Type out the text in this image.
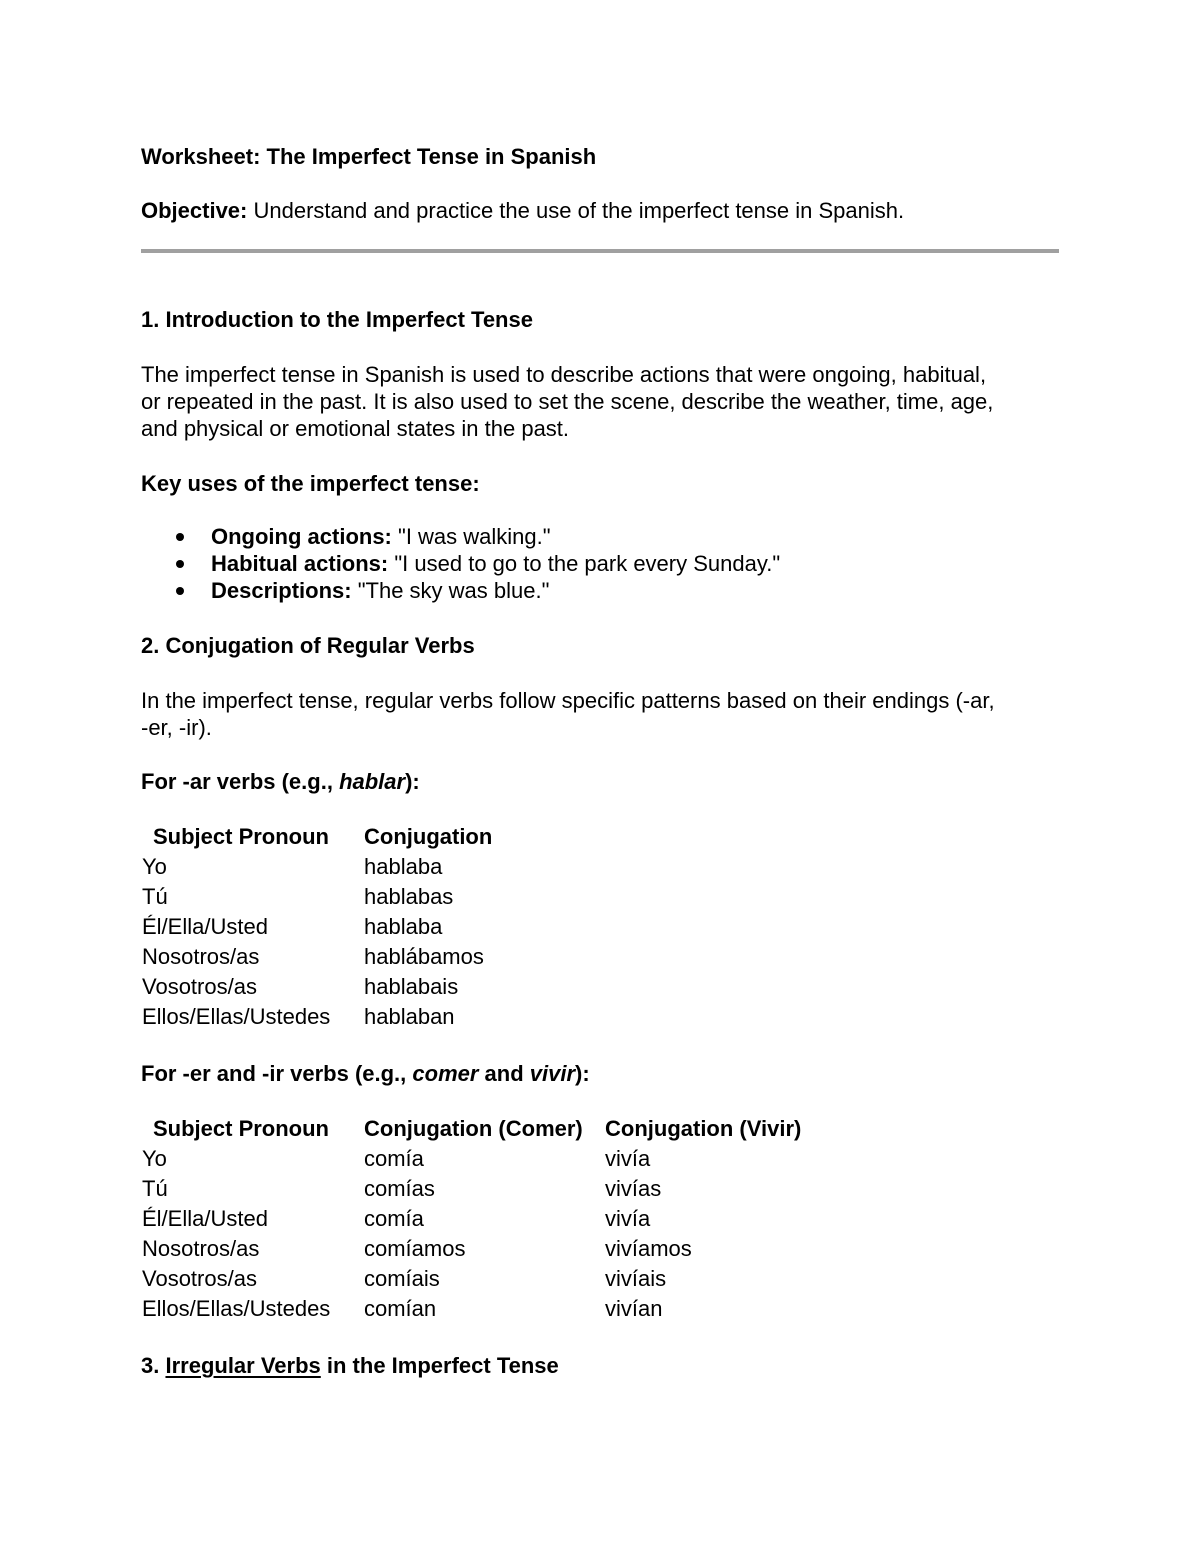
Worksheet: The Imperfect Tense in Spanish
Objective: Understand and practice the use of the imperfect tense in Spanish.
1. Introduction to the Imperfect Tense
The imperfect tense in Spanish is used to describe actions that were ongoing, habitual,
or repeated in the past. It is also used to set the scene, describe the weather, time, age,
and physical or emotional states in the past.
Key uses of the imperfect tense:
Ongoing actions: "I was walking."
Habitual actions: "I used to go to the park every Sunday."
Descriptions: "The sky was blue."
2. Conjugation of Regular Verbs
In the imperfect tense, regular verbs follow specific patterns based on their endings (-ar,
-er, -ir).
For -ar verbs (e.g., hablar):
Subject Pronoun	Conjugation
Yo	hablaba
Tú	hablabas
Él/Ella/Usted	hablaba
Nosotros/as	hablábamos
Vosotros/as	hablabais
Ellos/Ellas/Ustedes	hablaban
For -er and -ir verbs (e.g., comer and vivir):
Subject Pronoun	Conjugation (Comer)	Conjugation (Vivir)
Yo	comía	vivía
Tú	comías	vivías
Él/Ella/Usted	comía	vivía
Nosotros/as	comíamos	vivíamos
Vosotros/as	comíais	vivíais
Ellos/Ellas/Ustedes	comían	vivían
3. Irregular Verbs in the Imperfect Tense
